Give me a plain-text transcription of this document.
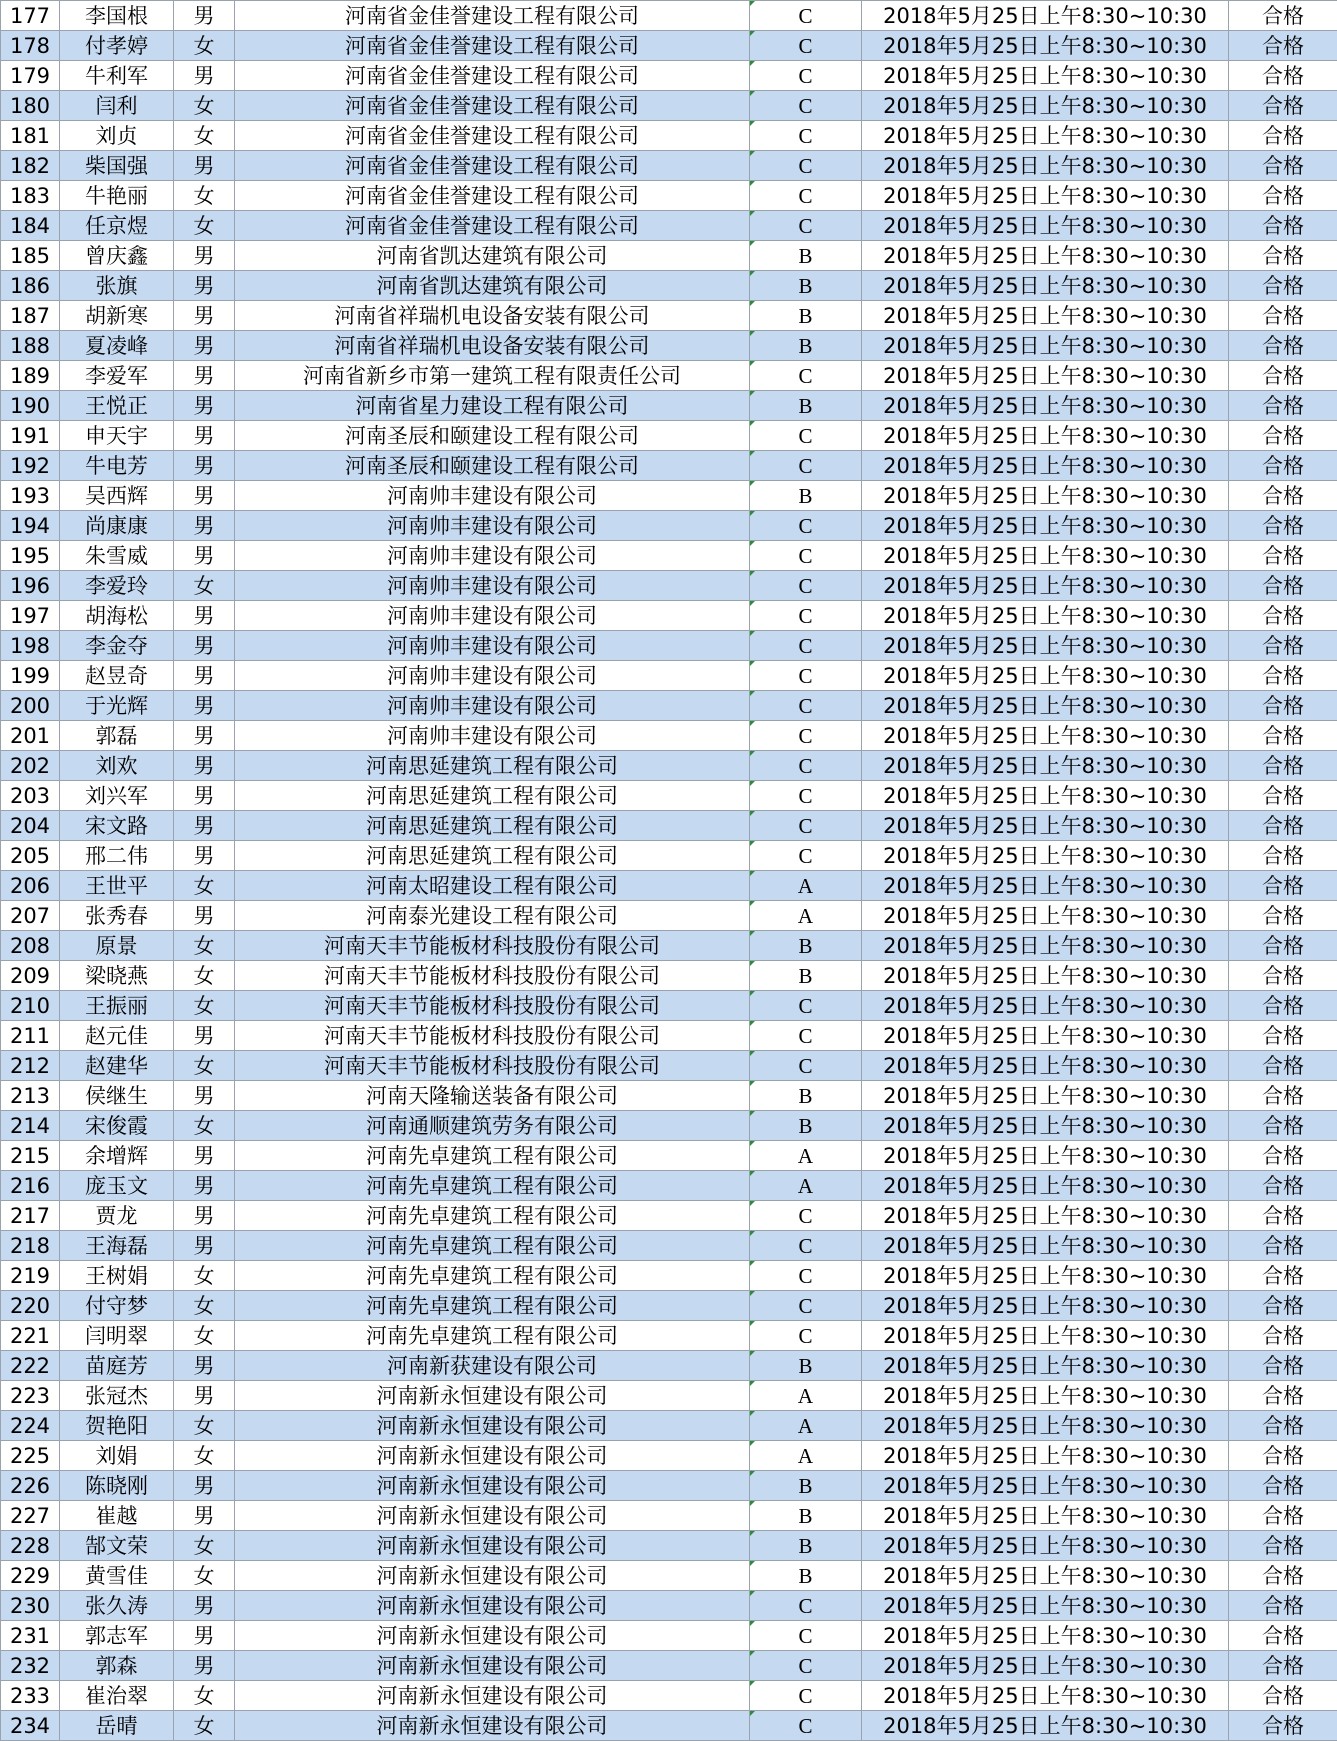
177	李国根	男	河南省金佳誉建设工程有限公司	C	2018年5月25日上午8:30~10:30	合格
178	付孝婷	女	河南省金佳誉建设工程有限公司	C	2018年5月25日上午8:30~10:30	合格
179	牛利军	男	河南省金佳誉建设工程有限公司	C	2018年5月25日上午8:30~10:30	合格
180	闫利	女	河南省金佳誉建设工程有限公司	C	2018年5月25日上午8:30~10:30	合格
181	刘贞	女	河南省金佳誉建设工程有限公司	C	2018年5月25日上午8:30~10:30	合格
182	柴国强	男	河南省金佳誉建设工程有限公司	C	2018年5月25日上午8:30~10:30	合格
183	牛艳丽	女	河南省金佳誉建设工程有限公司	C	2018年5月25日上午8:30~10:30	合格
184	任京煜	女	河南省金佳誉建设工程有限公司	C	2018年5月25日上午8:30~10:30	合格
185	曾庆鑫	男	河南省凯达建筑有限公司	B	2018年5月25日上午8:30~10:30	合格
186	张旗	男	河南省凯达建筑有限公司	B	2018年5月25日上午8:30~10:30	合格
187	胡新寒	男	河南省祥瑞机电设备安装有限公司	B	2018年5月25日上午8:30~10:30	合格
188	夏凌峰	男	河南省祥瑞机电设备安装有限公司	B	2018年5月25日上午8:30~10:30	合格
189	李爱军	男	河南省新乡市第一建筑工程有限责任公司	C	2018年5月25日上午8:30~10:30	合格
190	王悦正	男	河南省星力建设工程有限公司	B	2018年5月25日上午8:30~10:30	合格
191	申天宇	男	河南圣辰和颐建设工程有限公司	C	2018年5月25日上午8:30~10:30	合格
192	牛电芳	男	河南圣辰和颐建设工程有限公司	C	2018年5月25日上午8:30~10:30	合格
193	吴西辉	男	河南帅丰建设有限公司	B	2018年5月25日上午8:30~10:30	合格
194	尚康康	男	河南帅丰建设有限公司	C	2018年5月25日上午8:30~10:30	合格
195	朱雪威	男	河南帅丰建设有限公司	C	2018年5月25日上午8:30~10:30	合格
196	李爱玲	女	河南帅丰建设有限公司	C	2018年5月25日上午8:30~10:30	合格
197	胡海松	男	河南帅丰建设有限公司	C	2018年5月25日上午8:30~10:30	合格
198	李金夺	男	河南帅丰建设有限公司	C	2018年5月25日上午8:30~10:30	合格
199	赵昱奇	男	河南帅丰建设有限公司	C	2018年5月25日上午8:30~10:30	合格
200	于光辉	男	河南帅丰建设有限公司	C	2018年5月25日上午8:30~10:30	合格
201	郭磊	男	河南帅丰建设有限公司	C	2018年5月25日上午8:30~10:30	合格
202	刘欢	男	河南思延建筑工程有限公司	C	2018年5月25日上午8:30~10:30	合格
203	刘兴军	男	河南思延建筑工程有限公司	C	2018年5月25日上午8:30~10:30	合格
204	宋文路	男	河南思延建筑工程有限公司	C	2018年5月25日上午8:30~10:30	合格
205	邢二伟	男	河南思延建筑工程有限公司	C	2018年5月25日上午8:30~10:30	合格
206	王世平	女	河南太昭建设工程有限公司	A	2018年5月25日上午8:30~10:30	合格
207	张秀春	男	河南泰光建设工程有限公司	A	2018年5月25日上午8:30~10:30	合格
208	原景	女	河南天丰节能板材科技股份有限公司	B	2018年5月25日上午8:30~10:30	合格
209	梁晓燕	女	河南天丰节能板材科技股份有限公司	B	2018年5月25日上午8:30~10:30	合格
210	王振丽	女	河南天丰节能板材科技股份有限公司	C	2018年5月25日上午8:30~10:30	合格
211	赵元佳	男	河南天丰节能板材科技股份有限公司	C	2018年5月25日上午8:30~10:30	合格
212	赵建华	女	河南天丰节能板材科技股份有限公司	C	2018年5月25日上午8:30~10:30	合格
213	侯继生	男	河南天隆输送装备有限公司	B	2018年5月25日上午8:30~10:30	合格
214	宋俊霞	女	河南通顺建筑劳务有限公司	B	2018年5月25日上午8:30~10:30	合格
215	余增辉	男	河南先卓建筑工程有限公司	A	2018年5月25日上午8:30~10:30	合格
216	庞玉文	男	河南先卓建筑工程有限公司	A	2018年5月25日上午8:30~10:30	合格
217	贾龙	男	河南先卓建筑工程有限公司	C	2018年5月25日上午8:30~10:30	合格
218	王海磊	男	河南先卓建筑工程有限公司	C	2018年5月25日上午8:30~10:30	合格
219	王树娟	女	河南先卓建筑工程有限公司	C	2018年5月25日上午8:30~10:30	合格
220	付守梦	女	河南先卓建筑工程有限公司	C	2018年5月25日上午8:30~10:30	合格
221	闫明翠	女	河南先卓建筑工程有限公司	C	2018年5月25日上午8:30~10:30	合格
222	苗庭芳	男	河南新获建设有限公司	B	2018年5月25日上午8:30~10:30	合格
223	张冠杰	男	河南新永恒建设有限公司	A	2018年5月25日上午8:30~10:30	合格
224	贺艳阳	女	河南新永恒建设有限公司	A	2018年5月25日上午8:30~10:30	合格
225	刘娟	女	河南新永恒建设有限公司	A	2018年5月25日上午8:30~10:30	合格
226	陈晓刚	男	河南新永恒建设有限公司	B	2018年5月25日上午8:30~10:30	合格
227	崔越	男	河南新永恒建设有限公司	B	2018年5月25日上午8:30~10:30	合格
228	郜文荣	女	河南新永恒建设有限公司	B	2018年5月25日上午8:30~10:30	合格
229	黄雪佳	女	河南新永恒建设有限公司	B	2018年5月25日上午8:30~10:30	合格
230	张久涛	男	河南新永恒建设有限公司	C	2018年5月25日上午8:30~10:30	合格
231	郭志军	男	河南新永恒建设有限公司	C	2018年5月25日上午8:30~10:30	合格
232	郭森	男	河南新永恒建设有限公司	C	2018年5月25日上午8:30~10:30	合格
233	崔治翠	女	河南新永恒建设有限公司	C	2018年5月25日上午8:30~10:30	合格
234	岳晴	女	河南新永恒建设有限公司	C	2018年5月25日上午8:30~10:30	合格
